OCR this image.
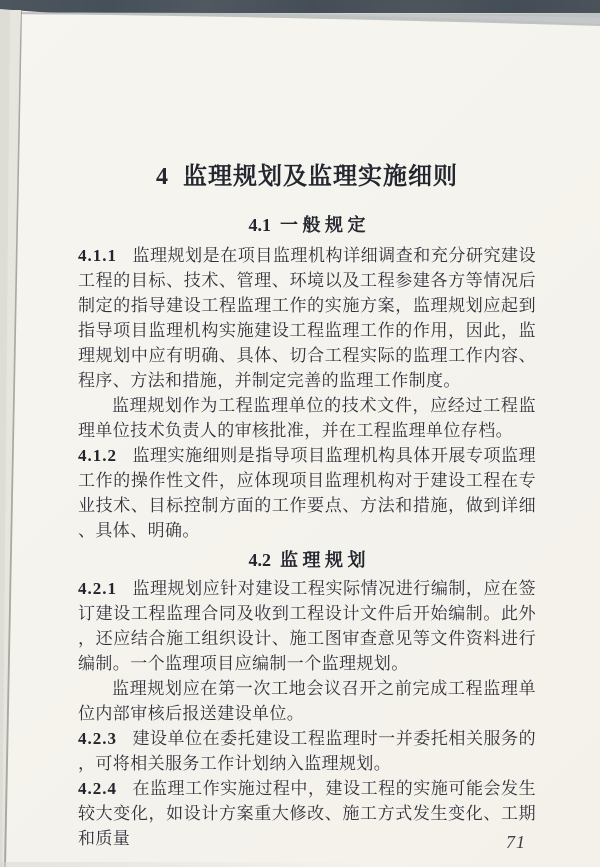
4  监理规划及监理实施细则
4.1  一 般 规 定

4.1.1 监理规划是在项目监理机构详细调查和充分研究建设工程的目标、技术、管理、环境以及工程参建各方等情况后制定的指导建设工程监理工作的实施方案，监理规划应起到指导项目监理机构实施建设工程监理工作的作用，因此，监理规划中应有明确、具体、切合工程实际的监理工作内容、程序、方法和措施，并制定完善的监理工作制度。

监理规划作为工程监理单位的技术文件，应经过工程监理单位技术负责人的审核批准，并在工程监理单位存档。

4.1.2 监理实施细则是指导项目监理机构具体开展专项监理工作的操作性文件，应体现项目监理机构对于建设工程在专业技术、目标控制方面的工作要点、方法和措施，做到详细、具体、明确。

4.2  监 理 规 划

4.2.1 监理规划应针对建设工程实际情况进行编制，应在签订建设工程监理合同及收到工程设计文件后开始编制。此外，还应结合施工组织设计、施工图审查意见等文件资料进行编制。一个监理项目应编制一个监理规划。

监理规划应在第一次工地会议召开之前完成工程监理单位内部审核后报送建设单位。

4.2.3 建设单位在委托建设工程监理时一并委托相关服务的，可将相关服务工作计划纳入监理规划。

4.2.4 在监理工作实施过程中，建设工程的实施可能会发生较大变化，如设计方案重大修改、施工方式发生变化、工期和质量	71
